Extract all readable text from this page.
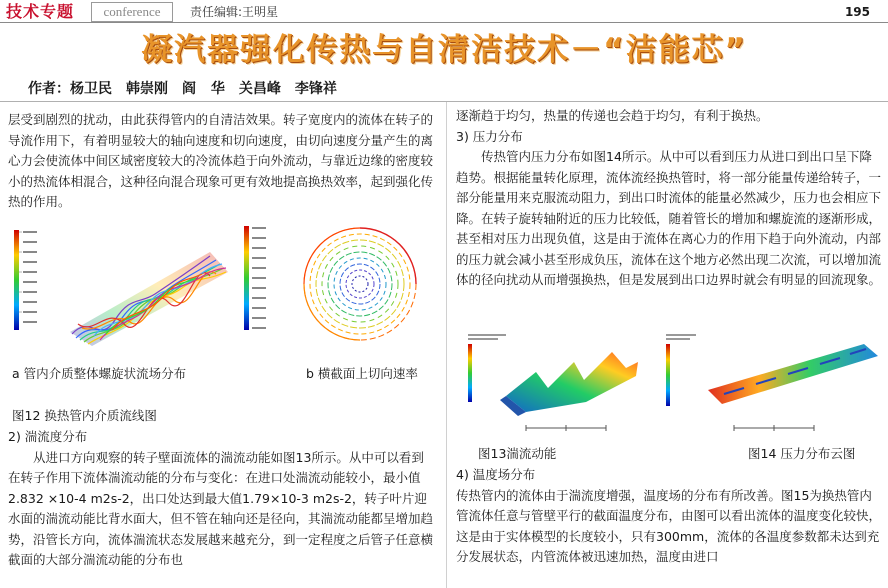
技术专题	conference	责任编辑:王明星	195
凝汽器强化传热与自清洁技术－“洁能芯”
作者：杨卫民　韩崇刚　阎 华　关昌峰　李锋祥

层受到剧烈的扰动，由此获得管内的自清洁效果。转子宽度内的流体在转子的导流作用下，有着明显较大的轴向速度和切向速度，由切向速度分量产生的离心力会使流体中间区域密度较大的冷流体趋于向外流动，与靠近边缘的密度较小的热流体相混合，这种径向混合现象可更有效地提高换热效率，起到强化传热的作用。

a 管内介质整体螺旋状流场分布	b 横截面上切向速率
图12 换热管内介质流线图

2) 湍流度分布

从进口方向观察的转子壁面流体的湍流动能如图13所示。从中可以看到在转子作用下流体湍流动能的分布与变化：在进口处湍流动能较小，最小值2.832 ×10-4 m2s-2，出口处达到最大值1.79×10-3 m2s-2，转子叶片迎水面的湍流动能比背水面大，但不管在轴向还是径向，其湍流动能都呈增加趋势，沿管长方向，流体湍流状态发展越来越充分，到一定程度之后管子任意横截面的大部分湍流动能的分布也

逐渐趋于均匀，热量的传递也会趋于均匀，有利于换热。

3) 压力分布

传热管内压力分布如图14所示。从中可以看到压力从进口到出口呈下降趋势。根据能量转化原理，流体流经换热管时，将一部分能量传递给转子，一部分能量用来克服流动阻力，到出口时流体的能量必然减少，压力也会相应下降。在转子旋转轴附近的压力比较低，随着管长的增加和螺旋流的逐渐形成，甚至相对压力出现负值，这是由于流体在离心力的作用下趋于向外流动，内部的压力就会减小甚至形成负压，流体在这个地方必然出现二次流，可以增加流体的径向扰动从而增强换热，但是发展到出口边界时就会有明显的回流现象。

图13湍流动能	图14 压力分布云图

4) 温度场分布

传热管内的流体由于湍流度增强，温度场的分布有所改善。图15为换热管内管流体任意与管壁平行的截面温度分布，由图可以看出流体的温度变化较快，这是由于实体模型的长度较小，只有300mm，流体的各温度参数都未达到充分发展状态，内管流体被迅速加热，温度由进口
